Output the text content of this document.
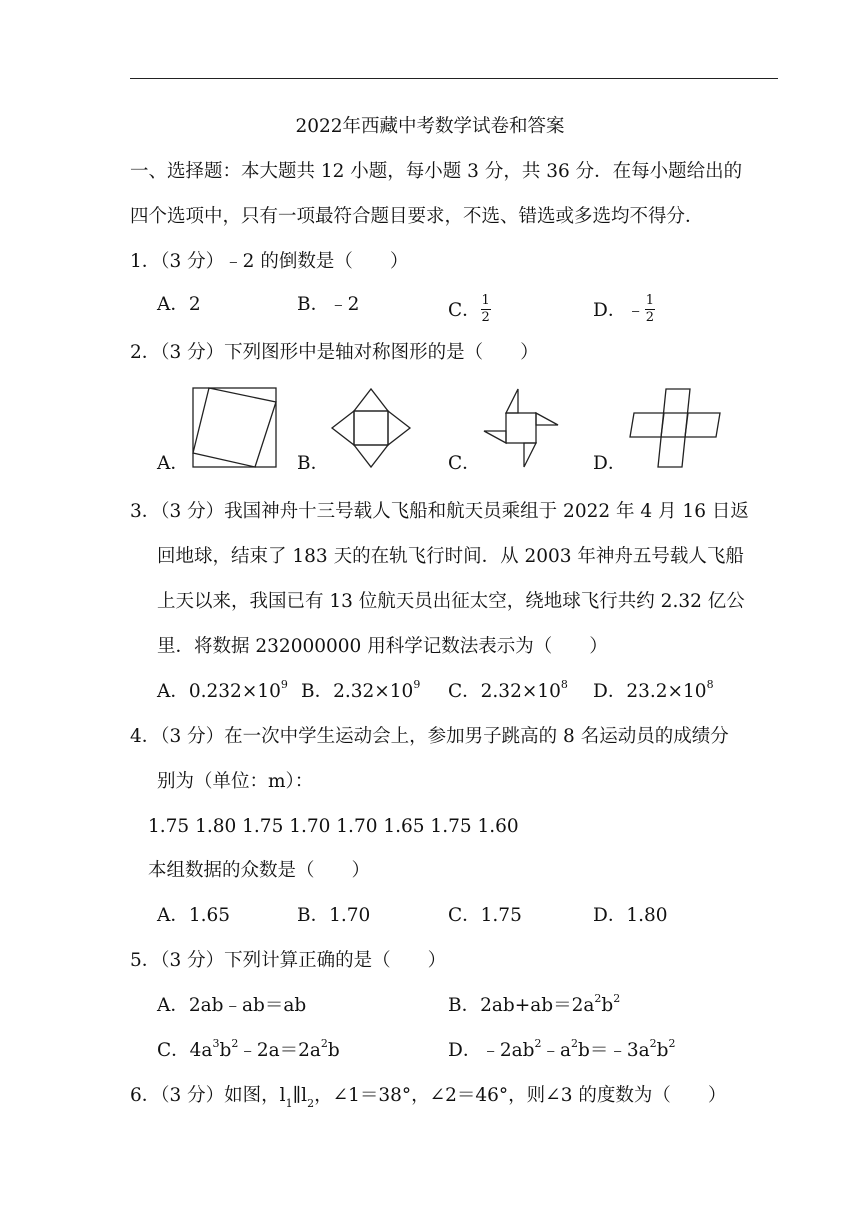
2022年西藏中考数学试卷和答案
一、选择题：本大题共 12 小题，每小题 3 分，共 36 分．在每小题给出的
四个选项中，只有一项最符合题目要求，不选、错选或多选均不得分．
1．（3 分）﹣2 的倒数是（　　）
A．2	B．﹣2	C． $\frac{1}{2}$	D．﹣ $\frac{1}{2}$
2．（3 分）下列图形中是轴对称图形的是（　　）
A．	B．	C．	D．
3．（3 分）我国神舟十三号载人飞船和航天员乘组于 2022 年 4 月 16 日返
回地球，结束了 183 天的在轨飞行时间．从 2003 年神舟五号载人飞船
上天以来，我国已有 13 位航天员出征太空，绕地球飞行共约 2.32 亿公
里．将数据 232000000 用科学记数法表示为（　　）
A．$0.232\times 10^9$ B．$2.32\times 10^9$ C．$2.32\times 10^8$ D．$23.2\times 10^8$
4．（3 分）在一次中学生运动会上，参加男子跳高的 8 名运动员的成绩分
别为（单位：m）：
1.75 1.80 1.75 1.70 1.70 1.65 1.75 1.60
本组数据的众数是（　　）
A．1.65	B．1.70	C．1.75	D．1.80
5．（3 分）下列计算正确的是（　　）
A．2ab﹣ab＝ab	B．$2ab+ab=2a^2b^2$
C．$4a^3b^2﹣2a=2a^2b$	D．$﹣2ab^2﹣a^2b=﹣3a^2b^2$
6．（3 分）如图，$l_1\parallel l_2$，∠1＝38°，∠2＝46°，则∠3 的度数为（　　）
